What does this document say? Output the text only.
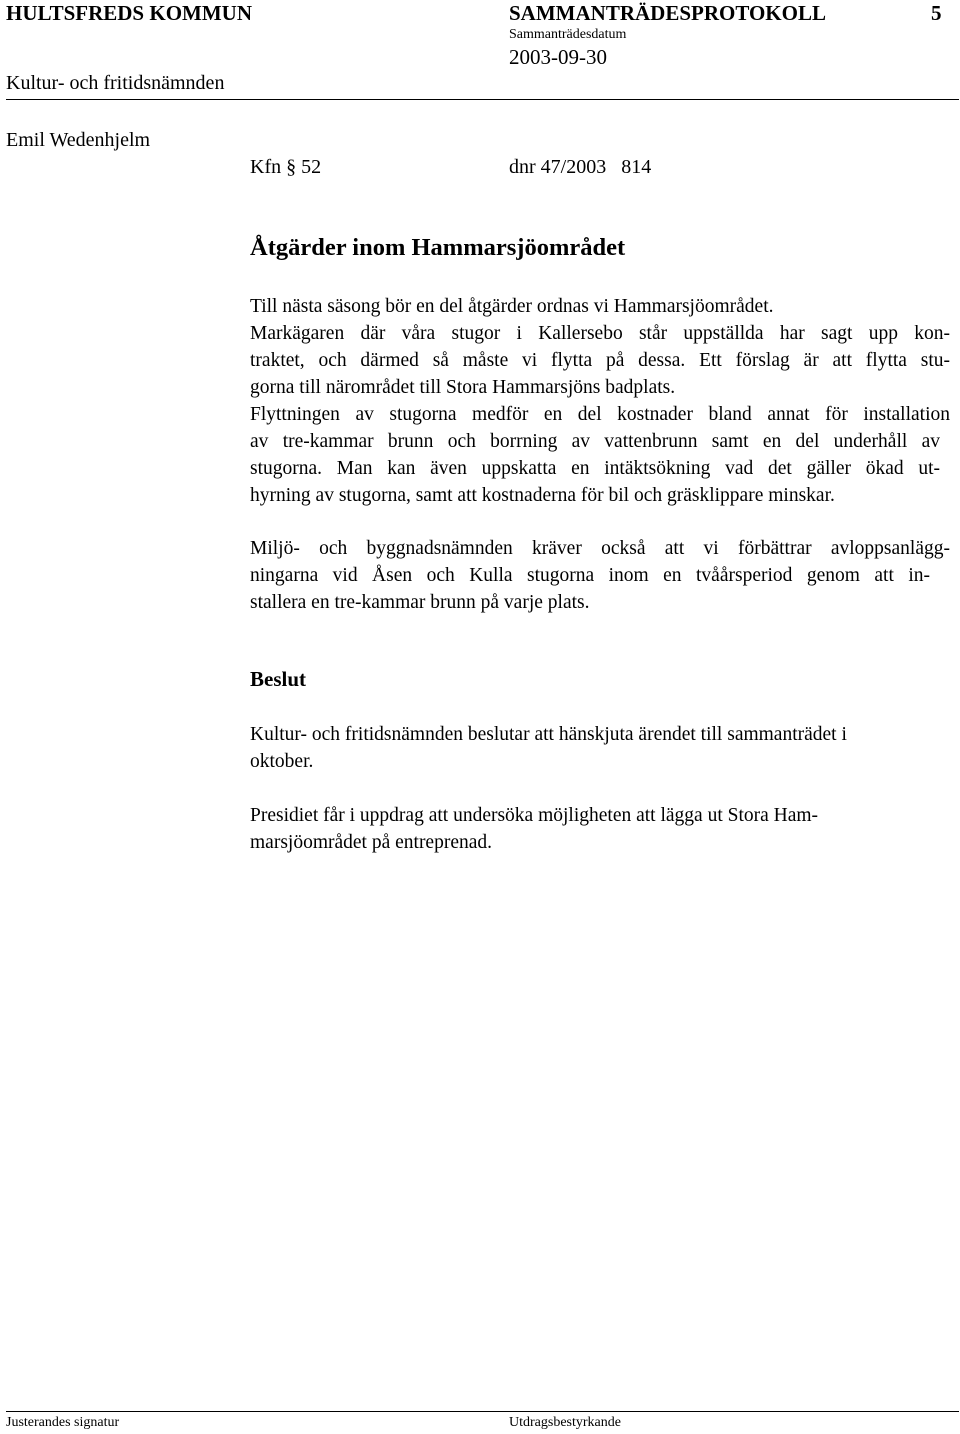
HULTSFREDS KOMMUN	SAMMANTRÄDESPROTOKOLL	5
Sammanträdesdatum
2003-09-30
Kultur- och fritidsnämnden
Emil Wedenhjelm
Kfn § 52	dnr 47/2003   814
Åtgärder inom Hammarsjöområdet
Till nästa säsong bör en del åtgärder ordnas vi Hammarsjöområdet.
Markägaren där våra stugor i Kallersebo står uppställda har sagt upp kon-
traktet, och därmed så måste vi flytta på dessa. Ett förslag är att flytta stu-
gorna till närområdet till Stora Hammarsjöns badplats.
Flyttningen av stugorna medför en del kostnader bland annat för installation
av tre-kammar brunn och borrning av vattenbrunn samt en del underhåll av
stugorna. Man kan även uppskatta en intäktsökning vad det gäller ökad ut-
hyrning av stugorna, samt att kostnaderna för bil och gräsklippare minskar.
Miljö- och byggnadsnämnden kräver också att vi förbättrar avloppsanlägg-
ningarna vid Åsen och Kulla stugorna inom en tvåårsperiod genom att in-
stallera en tre-kammar brunn på varje plats.
Beslut
Kultur- och fritidsnämnden beslutar att hänskjuta ärendet till sammanträdet i
oktober.
Presidiet får i uppdrag att undersöka möjligheten att lägga ut Stora Ham-
marsjöområdet på entreprenad.
Justerandes signatur	Utdragsbestyrkande
